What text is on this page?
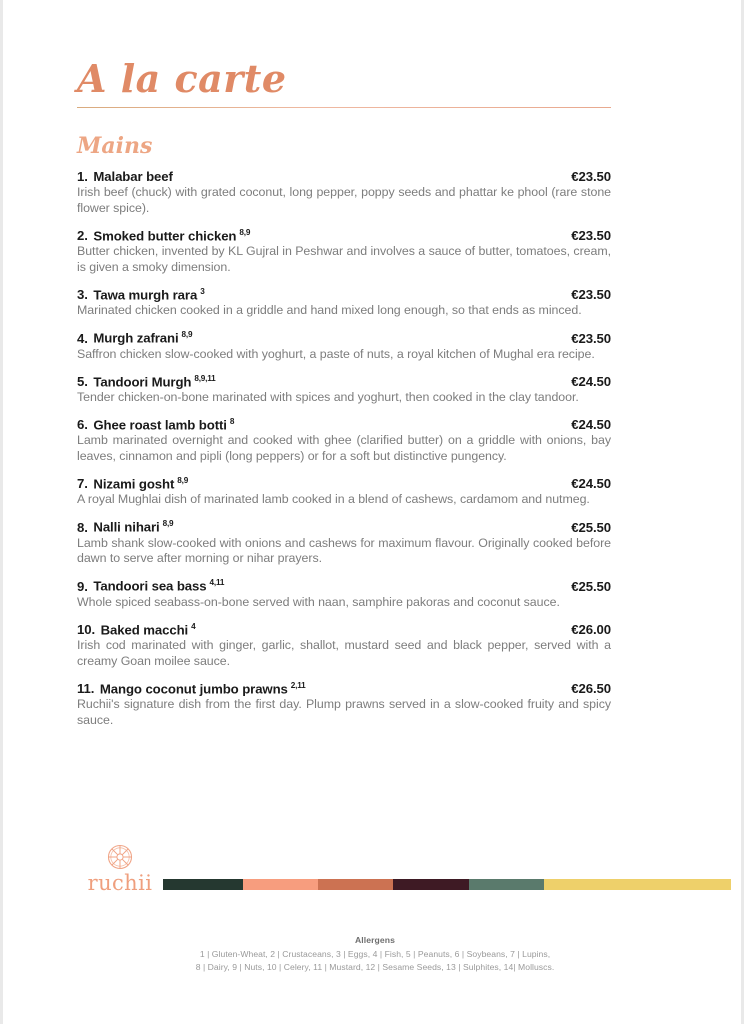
A la carte
Mains
1. Malabar beef	€23.50
Irish beef (chuck) with grated coconut, long pepper, poppy seeds and phattar ke phool (rare stone flower spice).
2. Smoked butter chicken $^{8,9}$	€23.50
Butter chicken, invented by KL Gujral in Peshwar and involves a sauce of butter, tomatoes, cream, is given a smoky dimension.
3. Tawa murgh rara $^3$	€23.50
Marinated chicken cooked in a griddle and hand mixed long enough, so that ends as minced.
4. Murgh zafrani $^{8,9}$	€23.50
Saffron chicken slow-cooked with yoghurt, a paste of nuts, a royal kitchen of Mughal era recipe.
5. Tandoori Murgh $^{8,9,11}$	€24.50
Tender chicken-on-bone marinated with spices and yoghurt, then cooked in the clay tandoor.
6. Ghee roast lamb botti $^8$	€24.50
Lamb marinated overnight and cooked with ghee (clarified butter) on a griddle with onions, bay leaves, cinnamon and pipli (long peppers) or for a soft but distinctive pungency.
7. Nizami gosht $^{8,9}$	€24.50
A royal Mughlai dish of marinated lamb cooked in a blend of cashews, cardamom and nutmeg.
8. Nalli nihari $^{8,9}$	€25.50
Lamb shank slow-cooked with onions and cashews for maximum flavour. Originally cooked before dawn to serve after morning or nihar prayers.
9. Tandoori sea bass $^{4,11}$	€25.50
Whole spiced seabass-on-bone served with naan, samphire pakoras and coconut sauce.
10. Baked macchi $^4$	€26.00
Irish cod marinated with ginger, garlic, shallot, mustard seed and black pepper, served with a creamy Goan moilee sauce.
11. Mango coconut jumbo prawns $^{2,11}$	€26.50
Ruchii's signature dish from the first day. Plump prawns served in a slow-cooked fruity and spicy sauce.
ruchii
Allergens
1 | Gluten-Wheat, 2 | Crustaceans, 3 | Eggs, 4 | Fish, 5 | Peanuts, 6 | Soybeans, 7 | Lupins,
8 | Dairy, 9 | Nuts, 10 | Celery, 11 | Mustard, 12 | Sesame Seeds, 13 | Sulphites, 14| Molluscs.
